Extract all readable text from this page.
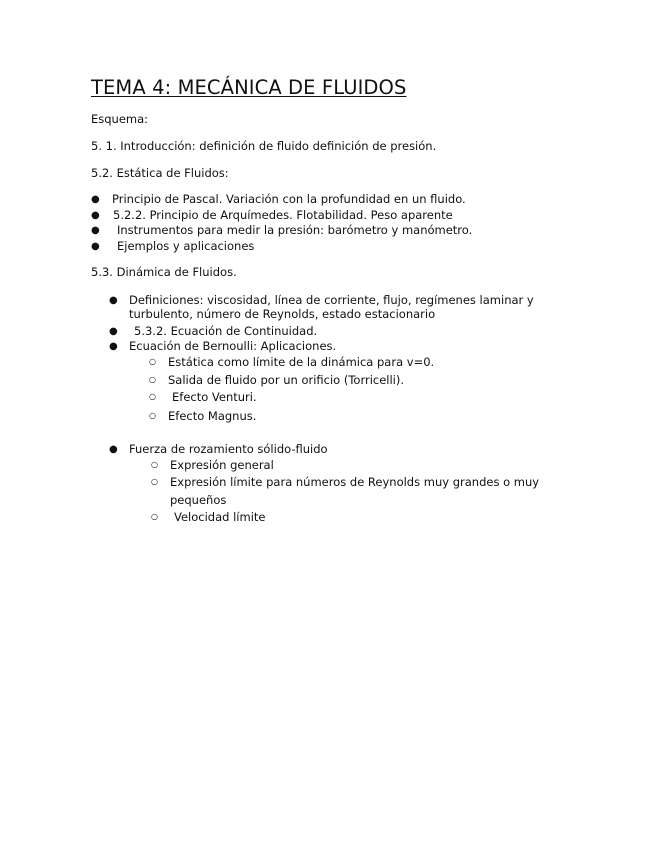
TEMA 4: MECÁNICA DE FLUIDOS
Esquema:
5. 1. Introducción: definición de fluido definición de presión.
5.2. Estática de Fluidos:
● Principio de Pascal. Variación con la profundidad en un fluido.
● 5.2.2. Principio de Arquímedes. Flotabilidad. Peso aparente
● Instrumentos para medir la presión: barómetro y manómetro.
● Ejemplos y aplicaciones
5.3. Dinámica de Fluidos.
● Definiciones: viscosidad, línea de corriente, flujo, regímenes laminar y
turbulento, número de Reynolds, estado estacionario
● 5.3.2. Ecuación de Continuidad.
● Ecuación de Bernoulli: Aplicaciones.
○ Estática como límite de la dinámica para v=0.
○ Salida de fluido por un orificio (Torricelli).
○ Efecto Venturi.
○ Efecto Magnus.
● Fuerza de rozamiento sólido-fluido
○ Expresión general
○ Expresión límite para números de Reynolds muy grandes o muy
pequeños
○ Velocidad límite
